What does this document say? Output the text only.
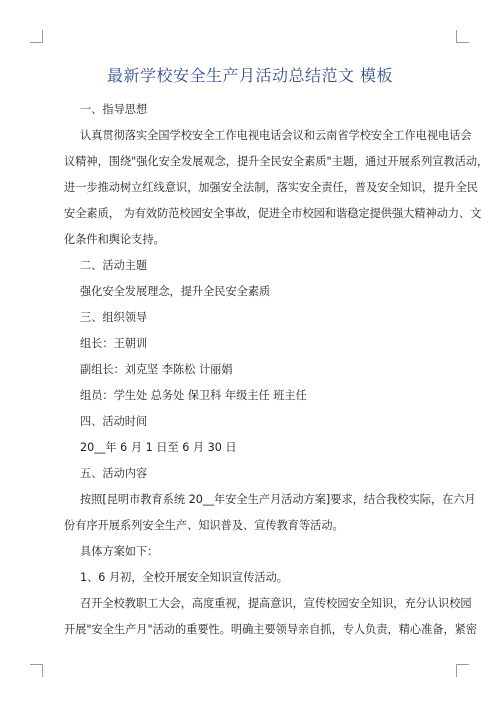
最新学校安全生产月活动总结范文 模板

一、指导思想

认真贯彻落实全国学校安全工作电视电话会议和云南省学校安全工作电视电话会

议精神，围绕"强化安全发展观念，提升全民安全素质"主题，通过开展系列宣教活动，

进一步推动树立红线意识，加强安全法制，落实安全责任，普及安全知识，提升全民

安全素质， 为有效防范校园安全事故，促进全市校园和谐稳定提供强大精神动力、文

化条件和舆论支持。

二、活动主题

强化安全发展理念，提升全民安全素质

三、组织领导

组长：王朝训

副组长：刘克坚 李陈松 计丽娟

组员：学生处 总务处 保卫科 年级主任 班主任

四、活动时间

20__年 6 月 1 日至 6 月 30 日

五、活动内容

按照[昆明市教育系统 20__年安全生产月活动方案]要求，结合我校实际，在六月

份有序开展系列安全生产、知识普及、宣传教育等活动。

具体方案如下：

1、6 月初，全校开展安全知识宣传活动。

召开全校教职工大会，高度重视，提高意识，宣传校园安全知识，充分认识校园

开展"安全生产月"活动的重要性。明确主要领导亲自抓，专人负责，精心准备，紧密
